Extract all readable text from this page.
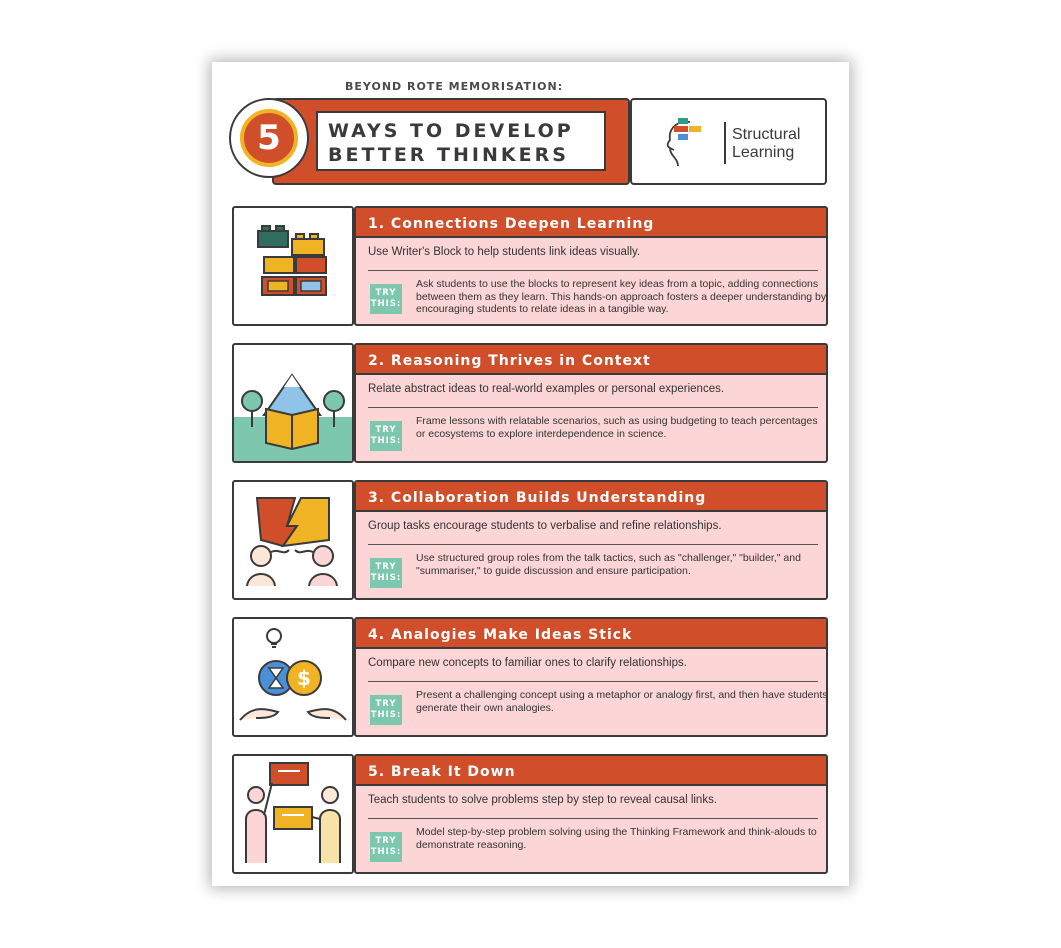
BEYOND ROTE MEMORISATION:
5 WAYS TO DEVELOP
BETTER THINKERS
Structural
Learning
1. Connections Deepen Learning
Use Writer's Block to help students link ideas visually.
TRY
THIS:
Ask students to use the blocks to represent key ideas from a topic, adding connections between them as they learn. This hands-on approach fosters a deeper understanding by encouraging students to relate ideas in a tangible way.
2. Reasoning Thrives in Context
Relate abstract ideas to real-world examples or personal experiences.
TRY
THIS:
Frame lessons with relatable scenarios, such as using budgeting to teach percentages or ecosystems to explore interdependence in science.
3. Collaboration Builds Understanding
Group tasks encourage students to verbalise and refine relationships.
TRY
THIS:
Use structured group roles from the talk tactics, such as "challenger," "builder," and "summariser," to guide discussion and ensure participation.
$
4. Analogies Make Ideas Stick
Compare new concepts to familiar ones to clarify relationships.
TRY
THIS:
Present a challenging concept using a metaphor or analogy first, and then have students generate their own analogies.
5. Break It Down
Teach students to solve problems step by step to reveal causal links.
TRY
THIS:
Model step-by-step problem solving using the Thinking Framework and think-alouds to demonstrate reasoning.
